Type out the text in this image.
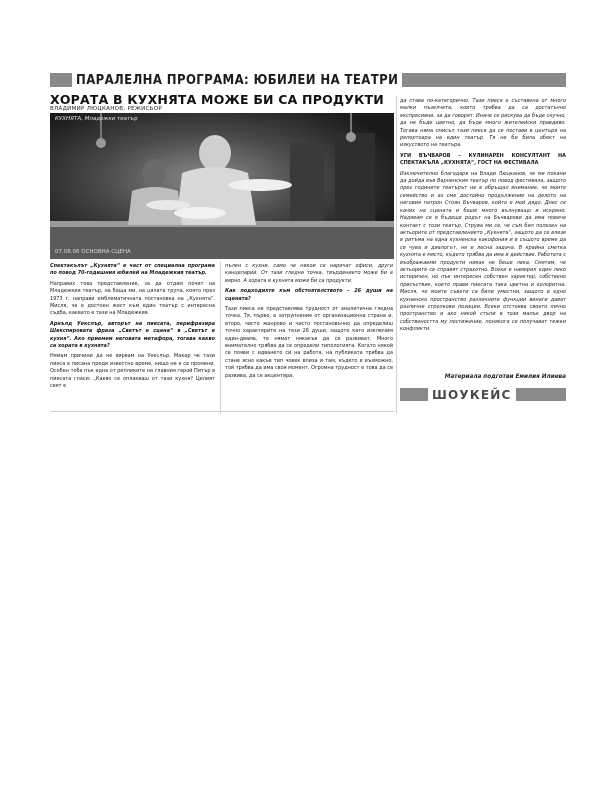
ПАРАЛЕЛНА ПРОГРАМА: ЮБИЛЕИ НА ТЕАТРИ
ХОРАТА В КУХНЯТА МОЖЕ БИ СА ПРОДУКТИ
ВЛАДИМИР ЛЮЦКАНОВ, РЕЖИСЬОР
КУХНЯТА, Младежки театър
07.08.06 ОСНОВНА СЦЕНА

Спектакълът „Кухнята“ е част от специална програма по повод 70-годишния юбилей на Младежкия театър.

Направих това представление, за да отдам почит на Младежкия театър, на баща ми, на цялата трупа, която през 1973 г. направи емблематичната постановка на „Кухнята“. Мисля, че е достоен жест към един театър с интересна съдба, каквато е тази на Младежкия.

Арнълд Уекслър, авторът на пиесата, перифразира Шекспировата фраза „Светът е сцена“ в „Светът е кухня“. Ако приемем неговата метафора, тогава какво са хората в кухнята?

Нямам причини да не вярвам на Уекслър. Макар че тази пиеса е писана преди известно време, нищо не е се промени. Особен тоба пък една от репликите на главния герой Питър в пиесата гласи: „Какво се оплакваш от тази кухня? Целият свят е

пълен с кухни, само че някои се наричат офиси, други канцеларии. От тази гледна точка, твърдението може би е вярно. А хората в кухнята може би са продукти.

Как подходихте към обстоятелството – 26 души на сцената?

Тази пиеса не представлява трудност от аналитична гледна точка. Тя, първо, е затрупнение от организационна страна и, второ, чисто жанрово и чисто постановъчно да определиш точно характерите на тези 26 души, защото като изключим един-двама, те нямат някакъв да се развиват. Много внимателно трябва да се определи типологията. Когато някой се появи с идването си на работа, на публиката трябва да стане ясно какъв тип човек влиза и там, където е възможно, той трябва да има своя момент. Огромна трудност е това да се развива, да се акцентира,

да става по-категорично. Тази пиеса е съставена от много малки пъзелчета, които трябва да са достатъчно експресивни, за да говорят. Иначе се рискува да бъде скучно, да не бъде цветно, да бъде много жителейски правдиво. Тогава няма смисъл тази пиеса да се постави в центъра на репертоара на един театър. Тя не би била обект на изкуството на театъра.

УГИ ВЪЧВАРОВ – КУЛИНАРЕН КОНСУЛТАНТ НА СПЕКТАКЪЛА „КУХНЯТА“, ГОСТ НА ФЕСТИВАЛА

Изключително благодаря на Влади Люцканов, че ме покани да дойда във Варненския театър по повод фестивала, защото през годините театърът не е обръщал внимание, че моите семейство и аз сме достойно продължение на делото на неговия патрон Стоян Бъчваров, който е мой дядо. Днес се качих на сцената и беше много вълнуващо и искрено. Надявам се в бъдеще родът на Бъчварови да има повече контакт с този театър. Струва ми се, че съм бил полезен на актьорите от представлението „Кухнята“, защото да се влезе в ритъма на една кухненска какофония и в същото време да се чува и диалогът, не е лесна задача. В крайна сметка кухнята е място, където трябва да има и действие. Работата с въображаеми продукти никак не беше лека. Смятам, че актьорите се справят страхотно. Всеки е намерил един леко истеричен, но пък интересен собствен характер, собствено присъствие, което прави пиесата така цветна и колоритна. Мисля, че моите съвети са били уместни, защото в едно кухненско пространство различните функции винаги дават различни стрелкови позиции. Всеки отстоява своето лично пространство и ако някой стъпи в този малък двор на собствеността му постижение, понякога се получават тежки конфликти.

Материала подготви Емилия Илиева
ШОУКЕЙС
